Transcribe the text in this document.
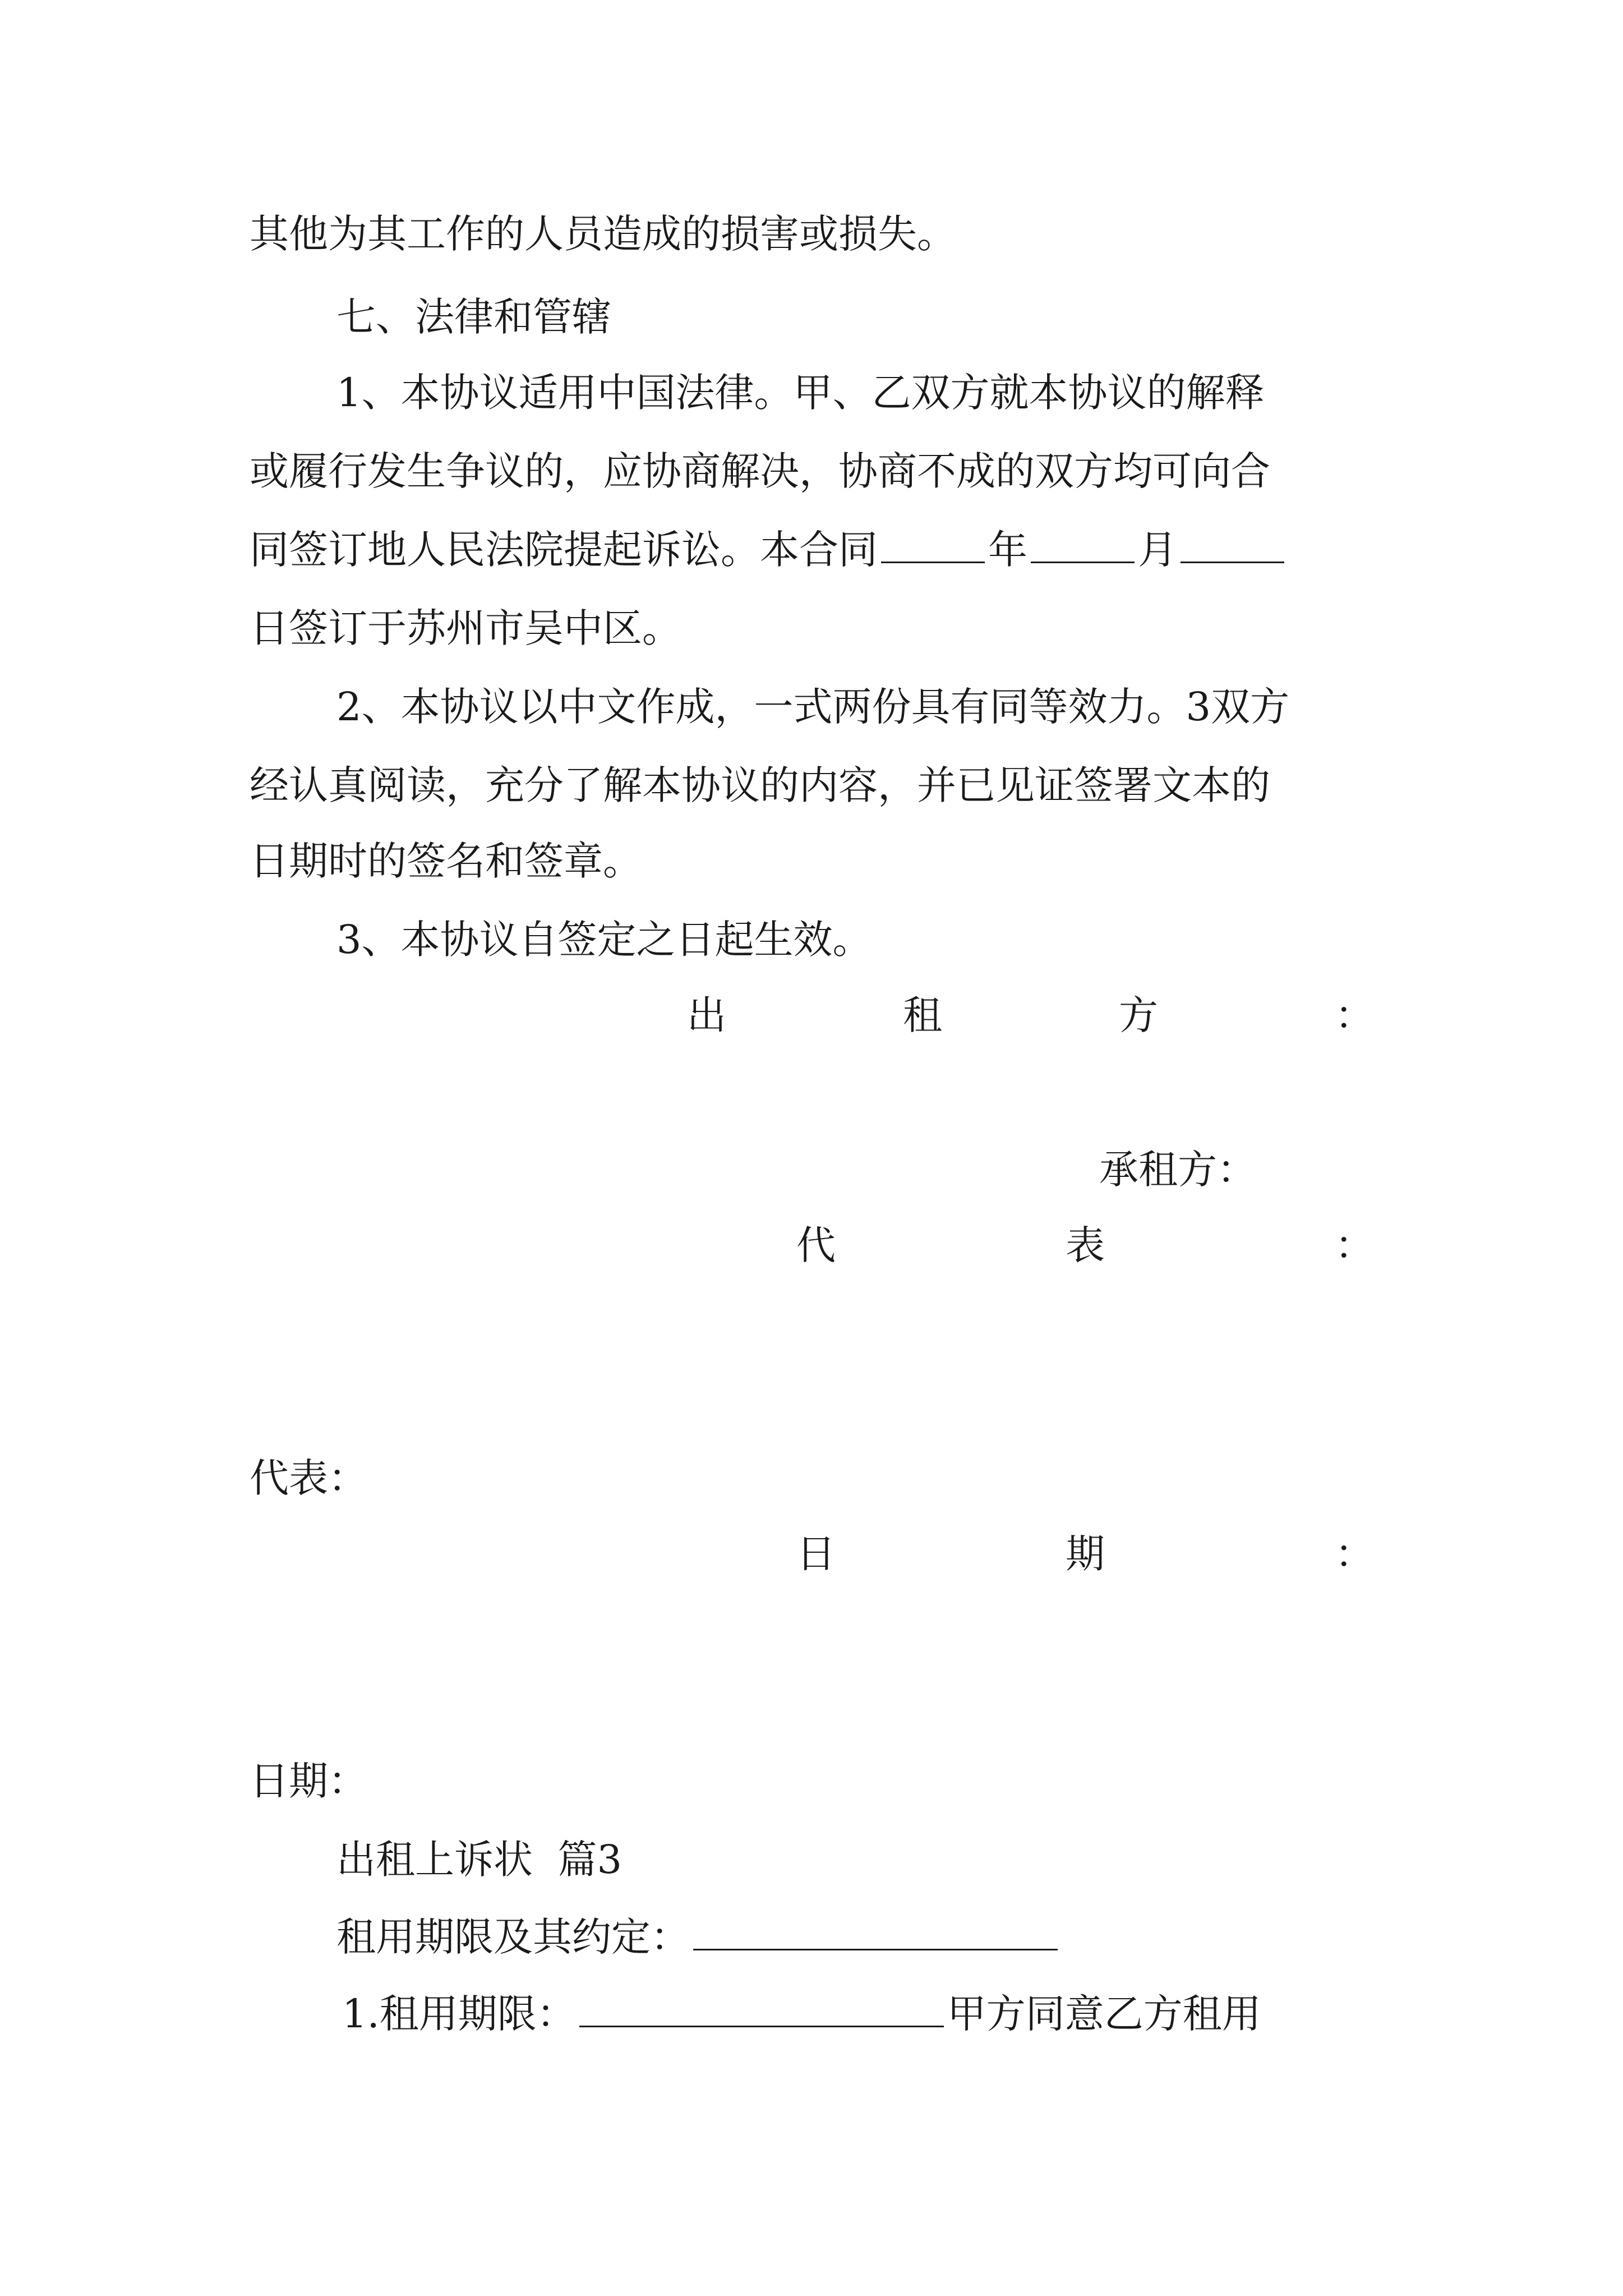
其他为其工作的人员造成的损害或损失。
七、法律和管辖
1、本协议适用中国法律。甲、乙双方就本协议的解释
或履行发生争议的，应协商解决，协商不成的双方均可向合
同签订地人民法院提起诉讼。本合同	年	月
日签订于苏州市吴中区。
2、本协议以中文作成，一式两份具有同等效力。3双方
经认真阅读，充分了解本协议的内容，并已见证签署文本的
日期时的签名和签章。
3、本协议自签定之日起生效。
出	租	方	：
承租方：
代	表	：
代表：
日	期	：
日期：
出租上诉状  篇3
租用期限及其约定：
1.租用期限：	甲方同意乙方租用
